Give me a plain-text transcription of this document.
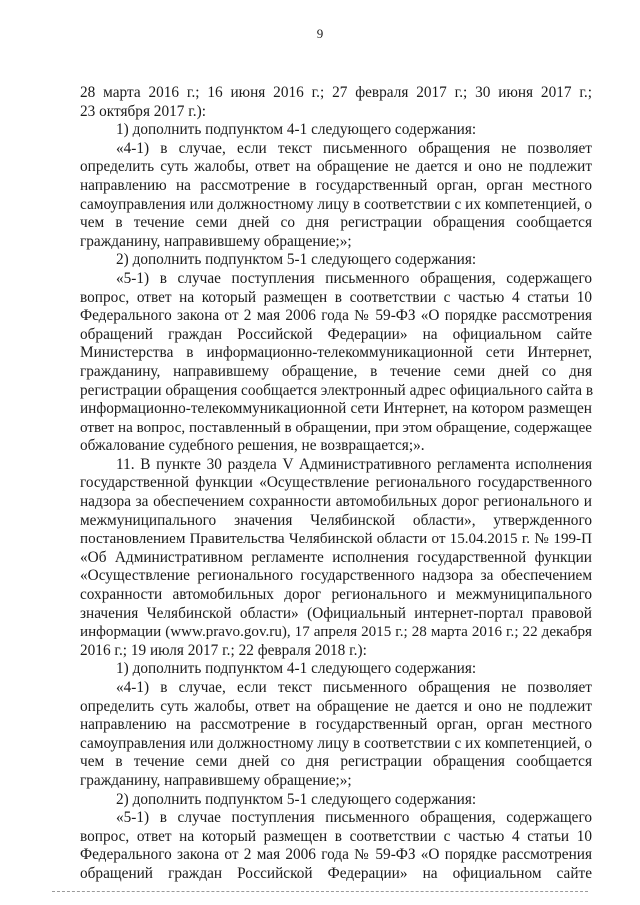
9
28 марта 2016 г.; 16 июня 2016 г.; 27 февраля 2017 г.; 30 июня 2017 г.;
23 октября 2017 г.):
1) дополнить подпунктом 4-1 следующего содержания:
«4-1) в случае, если текст письменного обращения не позволяет
определить суть жалобы, ответ на обращение не дается и оно не подлежит
направлению на рассмотрение в государственный орган, орган местного
самоуправления или должностному лицу в соответствии с их компетенцией, о
чем в течение семи дней со дня регистрации обращения сообщается
гражданину, направившему обращение;»;
2) дополнить подпунктом 5-1 следующего содержания:
«5-1) в случае поступления письменного обращения, содержащего
вопрос, ответ на который размещен в соответствии с частью 4 статьи 10
Федерального закона от 2 мая 2006 года № 59-ФЗ «О порядке рассмотрения
обращений граждан Российской Федерации» на официальном сайте
Министерства в информационно-телекоммуникационной сети Интернет,
гражданину, направившему обращение, в течение семи дней со дня
регистрации обращения сообщается электронный адрес официального сайта в
информационно-телекоммуникационной сети Интернет, на котором размещен
ответ на вопрос, поставленный в обращении, при этом обращение, содержащее
обжалование судебного решения, не возвращается;».
11. В пункте 30 раздела V Административного регламента исполнения
государственной функции «Осуществление регионального государственного
надзора за обеспечением сохранности автомобильных дорог регионального и
межмуниципального значения Челябинской области», утвержденного
постановлением Правительства Челябинской области от 15.04.2015 г. № 199-П
«Об Административном регламенте исполнения государственной функции
«Осуществление регионального государственного надзора за обеспечением
сохранности автомобильных дорог регионального и межмуниципального
значения Челябинской области» (Официальный интернет-портал правовой
информации (www.pravo.gov.ru), 17 апреля 2015 г.; 28 марта 2016 г.; 22 декабря
2016 г.; 19 июля 2017 г.; 22 февраля 2018 г.):
1) дополнить подпунктом 4-1 следующего содержания:
«4-1) в случае, если текст письменного обращения не позволяет
определить суть жалобы, ответ на обращение не дается и оно не подлежит
направлению на рассмотрение в государственный орган, орган местного
самоуправления или должностному лицу в соответствии с их компетенцией, о
чем в течение семи дней со дня регистрации обращения сообщается
гражданину, направившему обращение;»;
2) дополнить подпунктом 5-1 следующего содержания:
«5-1) в случае поступления письменного обращения, содержащего
вопрос, ответ на который размещен в соответствии с частью 4 статьи 10
Федерального закона от 2 мая 2006 года № 59-ФЗ «О порядке рассмотрения
обращений граждан Российской Федерации» на официальном сайте
